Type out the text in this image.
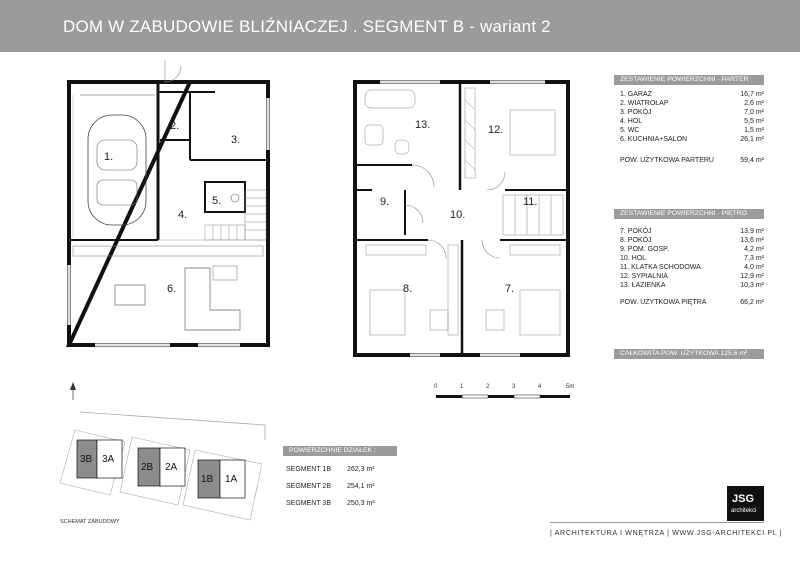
DOM W ZABUDOWIE BLIŹNIACZEJ . SEGMENT B - wariant 2
1.
2.
3.
4.
5.
6.	7.
8.
9.
10.
11.
12.
13.
3B 3A
2B 2A
1B 1A
ZESTAWIENIE POWIERZCHNI - PARTER
1. GARAŻ	16,7 m²
2. WIATROŁAP	2,6 m²
3. POKÓJ	7,0 m²
4. HOL	5,5 m²
5. WC	1,5 m²
6. KUCHNIA+SALON	26,1 m²
POW. UŻYTKOWA PARTERU	59,4 m²
ZESTAWIENIE POWIERZCHNI - PIĘTRO
7. POKÓJ	13,9 m²
8. POKÓJ	13,6 m²
9. POM. GOSP.	4,2 m²
10. HOL	7,3 m²
11. KLATKA SCHODOWA	4,0 m²
12. SYPIALNIA	12,9 m²
13. ŁAZIENKA	10,3 m²
POW. UŻYTKOWA PIĘTRA	66,2 m²
CAŁKOWITA POW. UŻYTKOWA 125,6 m²
0	1	2	3	4	5m
POWIERZCHNIE DZIAŁEK :
SEGMENT 1B 262,3 m²
SEGMENT 2B 254,1 m²
SEGMENT 3B 250,3 m²
SCHEMAT ZABUDOWY
JSG
architekci
| ARCHITEKTURA I WNĘTRZA | WWW.JSG-ARCHITEKCI.PL |
